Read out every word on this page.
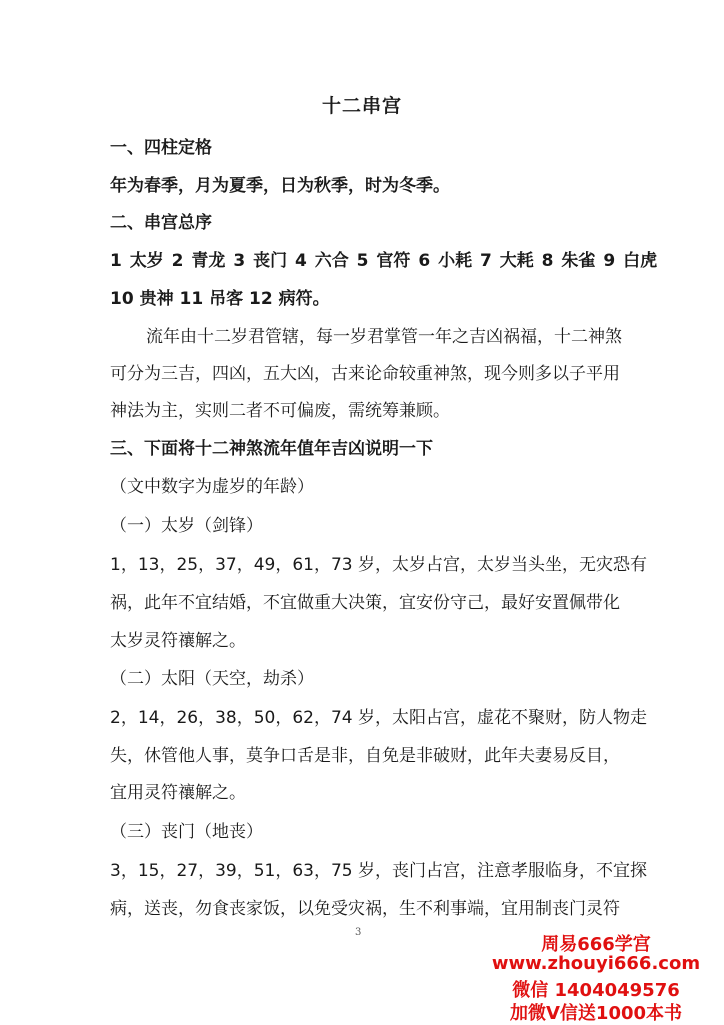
十二串宫
一、四柱定格
年为春季，月为夏季，日为秋季，时为冬季。
二、串宫总序
1 太岁 2 青龙 3 丧门 4 六合 5 官符 6 小耗 7 大耗 8 朱雀 9 白虎
10 贵神 11 吊客 12 病符。
流年由十二岁君管辖，每一岁君掌管一年之吉凶祸福，十二神煞
可分为三吉，四凶，五大凶，古来论命较重神煞，现今则多以子平用
神法为主，实则二者不可偏废，需统筹兼顾。
三、下面将十二神煞流年值年吉凶说明一下
（文中数字为虚岁的年龄）
（一）太岁（剑锋）
1，13，25，37，49，61，73 岁，太岁占宫，太岁当头坐，无灾恐有
祸，此年不宜结婚，不宜做重大决策，宜安份守己，最好安置佩带化
太岁灵符禳解之。
（二）太阳（天空，劫杀）
2，14，26，38，50，62，74 岁，太阳占宫，虚花不聚财，防人物走
失，休管他人事，莫争口舌是非，自免是非破财，此年夫妻易反目，
宜用灵符禳解之。
（三）丧门（地丧）
3，15，27，39，51，63，75 岁，丧门占宫，注意孝服临身，不宜探
病，送丧，勿食丧家饭，以免受灾祸，生不利事端，宜用制丧门灵符
3
周易666学宫
www.zhouyi666.com
微信 1404049576
加微V信送1000本书
